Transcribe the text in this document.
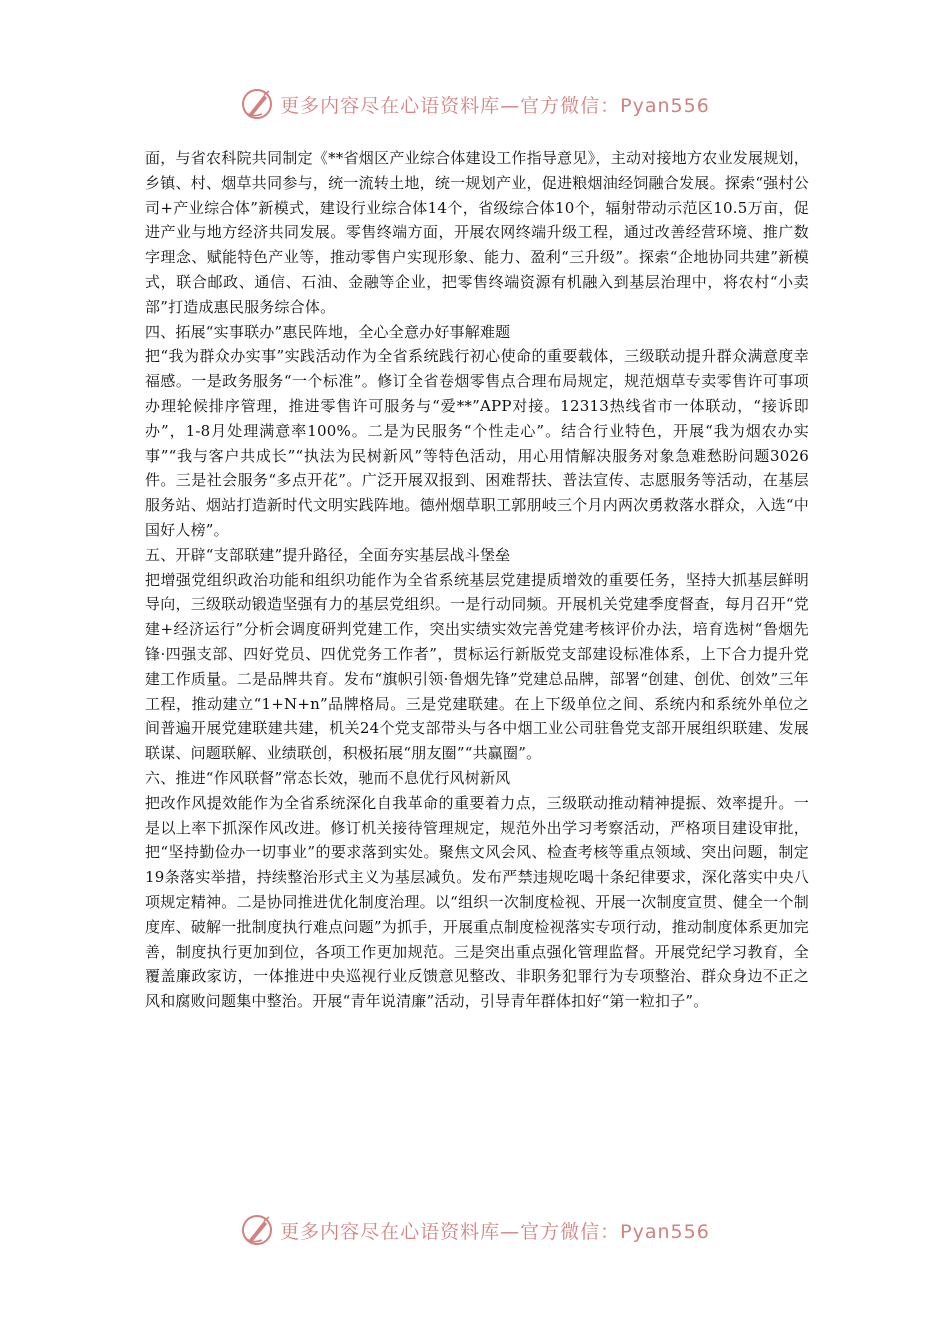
更多内容尽在心语资料库—官方微信：Pyan556

面，与省农科院共同制定《**省烟区产业综合体建设工作指导意见》，主动对接地方农业发展规划，乡镇、村、烟草共同参与，统一流转土地，统一规划产业，促进粮烟油经饲融合发展。探索“强村公司+产业综合体”新模式，建设行业综合体14个，省级综合体10个，辐射带动示范区10.5万亩，促进产业与地方经济共同发展。零售终端方面，开展农网终端升级工程，通过改善经营环境、推广数字理念、赋能特色产业等，推动零售户实现形象、能力、盈利“三升级”。探索“企地协同共建”新模式，联合邮政、通信、石油、金融等企业，把零售终端资源有机融入到基层治理中，将农村“小卖部”打造成惠民服务综合体。

四、拓展“实事联办”惠民阵地，全心全意办好事解难题

把“我为群众办实事”实践活动作为全省系统践行初心使命的重要载体，三级联动提升群众满意度幸福感。一是政务服务“一个标准”。修订全省卷烟零售点合理布局规定，规范烟草专卖零售许可事项办理轮候排序管理，推进零售许可服务与“爱**”APP对接。12313热线省市一体联动，“接诉即办”，1-8月处理满意率100%。二是为民服务“个性走心”。结合行业特色，开展“我为烟农办实事”“我与客户共成长”“执法为民树新风”等特色活动，用心用情解决服务对象急难愁盼问题3026件。三是社会服务“多点开花”。广泛开展双报到、困难帮扶、普法宣传、志愿服务等活动，在基层服务站、烟站打造新时代文明实践阵地。德州烟草职工郭朋岐三个月内两次勇救落水群众，入选“中国好人榜”。

五、开辟“支部联建”提升路径，全面夯实基层战斗堡垒

把增强党组织政治功能和组织功能作为全省系统基层党建提质增效的重要任务，坚持大抓基层鲜明导向，三级联动锻造坚强有力的基层党组织。一是行动同频。开展机关党建季度督查，每月召开“党建+经济运行”分析会调度研判党建工作，突出实绩实效完善党建考核评价办法，培育选树“鲁烟先锋·四强支部、四好党员、四优党务工作者”，贯标运行新版党支部建设标准体系，上下合力提升党建工作质量。二是品牌共育。发布“旗帜引领·鲁烟先锋”党建总品牌，部署“创建、创优、创效”三年工程，推动建立“1+N+n”品牌格局。三是党建联建。在上下级单位之间、系统内和系统外单位之间普遍开展党建联建共建，机关24个党支部带头与各中烟工业公司驻鲁党支部开展组织联建、发展联谋、问题联解、业绩联创，积极拓展“朋友圈”“共赢圈”。

六、推进“作风联督”常态长效，驰而不息优行风树新风

把改作风提效能作为全省系统深化自我革命的重要着力点，三级联动推动精神提振、效率提升。一是以上率下抓深作风改进。修订机关接待管理规定，规范外出学习考察活动，严格项目建设审批，把“坚持勤俭办一切事业”的要求落到实处。聚焦文风会风、检查考核等重点领域、突出问题，制定19条落实举措，持续整治形式主义为基层减负。发布严禁违规吃喝十条纪律要求，深化落实中央八项规定精神。二是协同推进优化制度治理。以“组织一次制度检视、开展一次制度宣贯、健全一个制度库、破解一批制度执行难点问题”为抓手，开展重点制度检视落实专项行动，推动制度体系更加完善，制度执行更加到位，各项工作更加规范。三是突出重点强化管理监督。开展党纪学习教育，全覆盖廉政家访，一体推进中央巡视行业反馈意见整改、非职务犯罪行为专项整治、群众身边不正之风和腐败问题集中整治。开展“青年说清廉”活动，引导青年群体扣好“第一粒扣子”。

更多内容尽在心语资料库—官方微信：Pyan556
